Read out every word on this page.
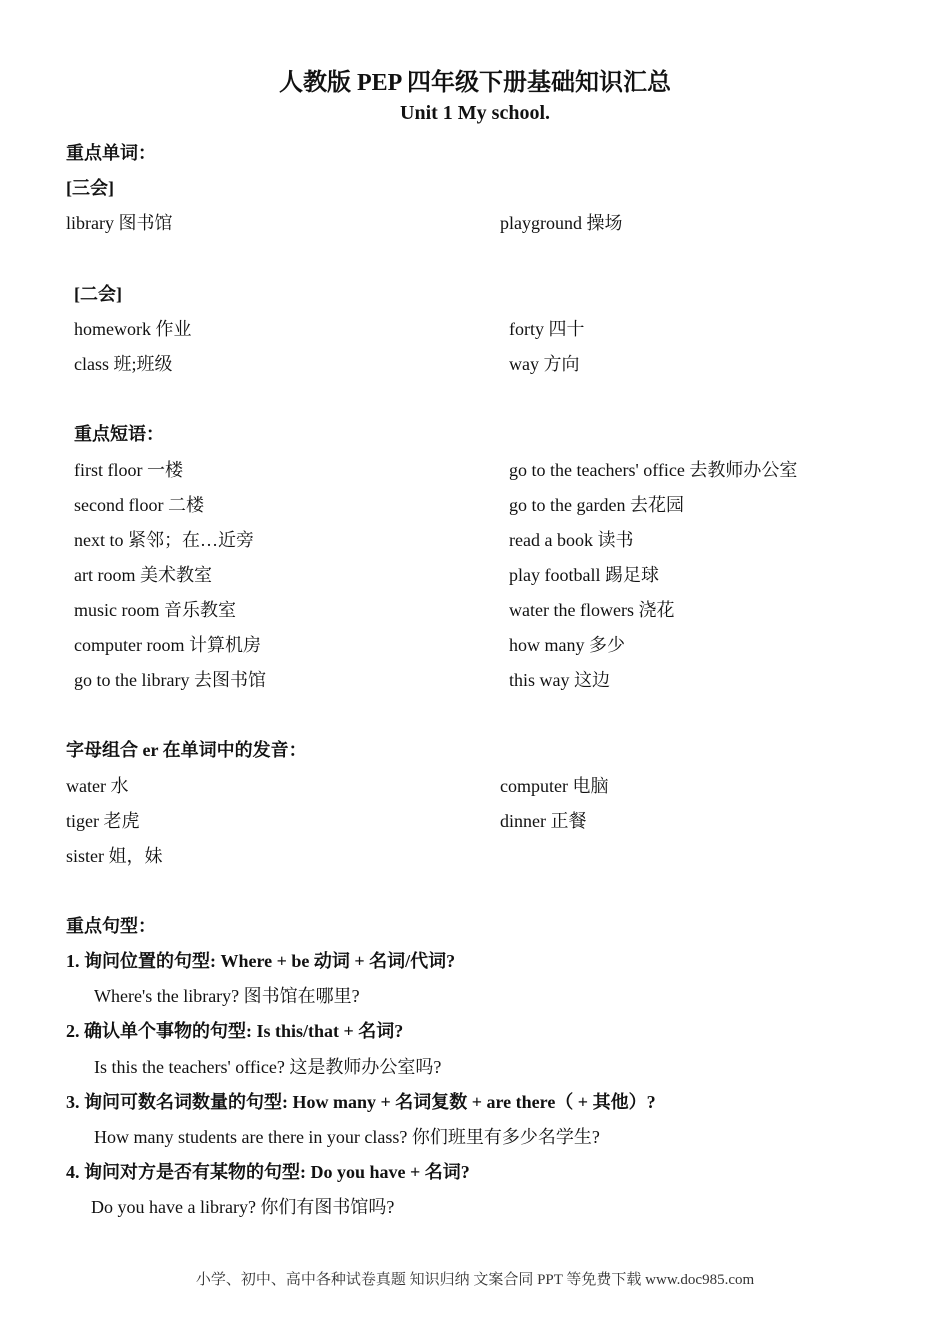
人教版 PEP 四年级下册基础知识汇总
Unit 1 My school.
重点单词：
[三会]
library 图书馆	playground 操场
[二会]
homework 作业
class 班;班级
forty 四十
way 方向
重点短语：
first floor 一楼
second floor 二楼
next to 紧邻；在…近旁
art room 美术教室
music room 音乐教室
computer room 计算机房
go to the library 去图书馆
go to the teachers' office 去教师办公室
go to the garden 去花园
read a book 读书
play football 踢足球
water the flowers 浇花
how many 多少
this way 这边
字母组合 er 在单词中的发音：
water 水
tiger 老虎
sister 姐，妹
computer 电脑
dinner 正餐
重点句型：
1. 询问位置的句型: Where + be 动词 + 名词/代词?
Where's the library? 图书馆在哪里?
2. 确认单个事物的句型: Is this/that + 名词?
Is this the teachers' office? 这是教师办公室吗?
3. 询问可数名词数量的句型: How many + 名词复数 + are there（ + 其他）?
How many students are there in your class? 你们班里有多少名学生?
4. 询问对方是否有某物的句型: Do you have + 名词?
Do you have a library? 你们有图书馆吗?
小学、初中、高中各种试卷真题 知识归纳 文案合同 PPT 等免费下载 www.doc985.com
